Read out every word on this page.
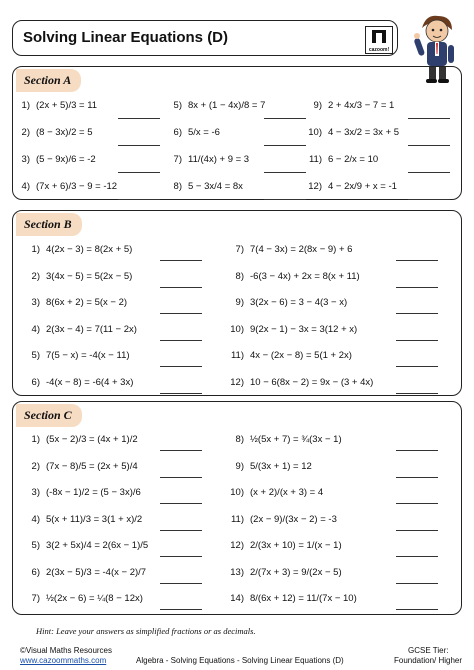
Solving Linear Equations (D)
cazoom!
Section A
Section B
Section C
1) (2x + 5)/3 = 11
2) (8 − 3x)/2 = 5
3) (5 − 9x)/6 = -2
4) (7x + 6)/3 − 9 = -12
5) 8x + (1 − 4x)/8 = 7
6) 5/x = -6
7) 11/(4x) + 9 = 3
8) 5 − 3x/4 = 8x
9) 2 + 4x/3 − 7 = 1
10) 4 − 3x/2 = 3x + 5
11) 6 − 2/x = 10
12) 4 − 2x/9 + x = -1
1) 4(2x − 3) = 8(2x + 5)
2) 3(4x − 5) = 5(2x − 5)
3) 8(6x + 2) = 5(x − 2)
4) 2(3x − 4) = 7(11 − 2x)
5) 7(5 − x) = -4(x − 11)
6) -4(x − 8) = -6(4 + 3x)
7) 7(4 − 3x) = 2(8x − 9) + 6
8) -6(3 − 4x) + 2x = 8(x + 11)
9) 3(2x − 6) = 3 − 4(3 − x)
10) 9(2x − 1) − 3x = 3(12 + x)
11) 4x − (2x − 8) = 5(1 + 2x)
12) 10 − 6(8x − 2) = 9x − (3 + 4x)
1) (5x − 2)/3 = (4x + 1)/2
2) (7x − 8)/5 = (2x + 5)/4
3) (-8x − 1)/2 = (5 − 3x)/6
4) 5(x + 11)/3 = 3(1 + x)/2
5) 3(2 + 5x)/4 = 2(6x − 1)/5
6) 2(3x − 5)/3 = -4(x − 2)/7
7) ½(2x − 6) = ¼(8 − 12x)
8) ½(5x + 7) = ¾(3x − 1)
9) 5/(3x + 1) = 12
10) (x + 2)/(x + 3) = 4
11) (2x − 9)/(3x − 2) = -3
12) 2/(3x + 10) = 1/(x − 1)
13) 2/(7x + 3) = 9/(2x − 5)
14) 8/(6x + 12) = 11/(7x − 10)
Hint: Leave your answers as simplified fractions or as decimals.
©Visual Maths Resources
www.cazoommaths.com	Algebra - Solving Equations - Solving Linear Equations (D)
GCSE Tier:
Foundation/ Higher
